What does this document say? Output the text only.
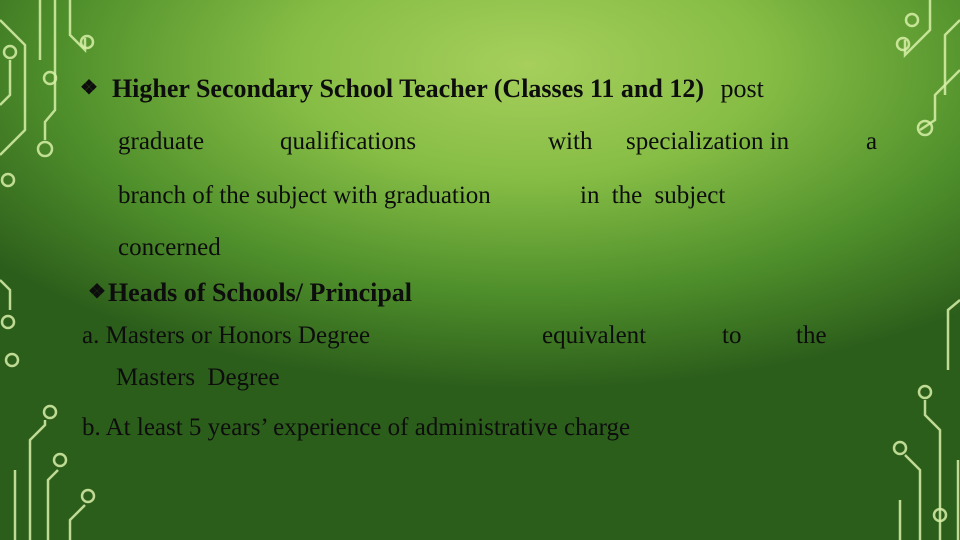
❖ Higher Secondary School Teacher (Classes 11 and 12) post
graduate	qualifications	with specialization in	a
branch of the subject with graduation	in the subject
concerned
❖Heads of Schools/ Principal
a. Masters or Honors Degree	equivalent	to the
Masters Degree
b. At least 5 years’ experience of administrative charge
